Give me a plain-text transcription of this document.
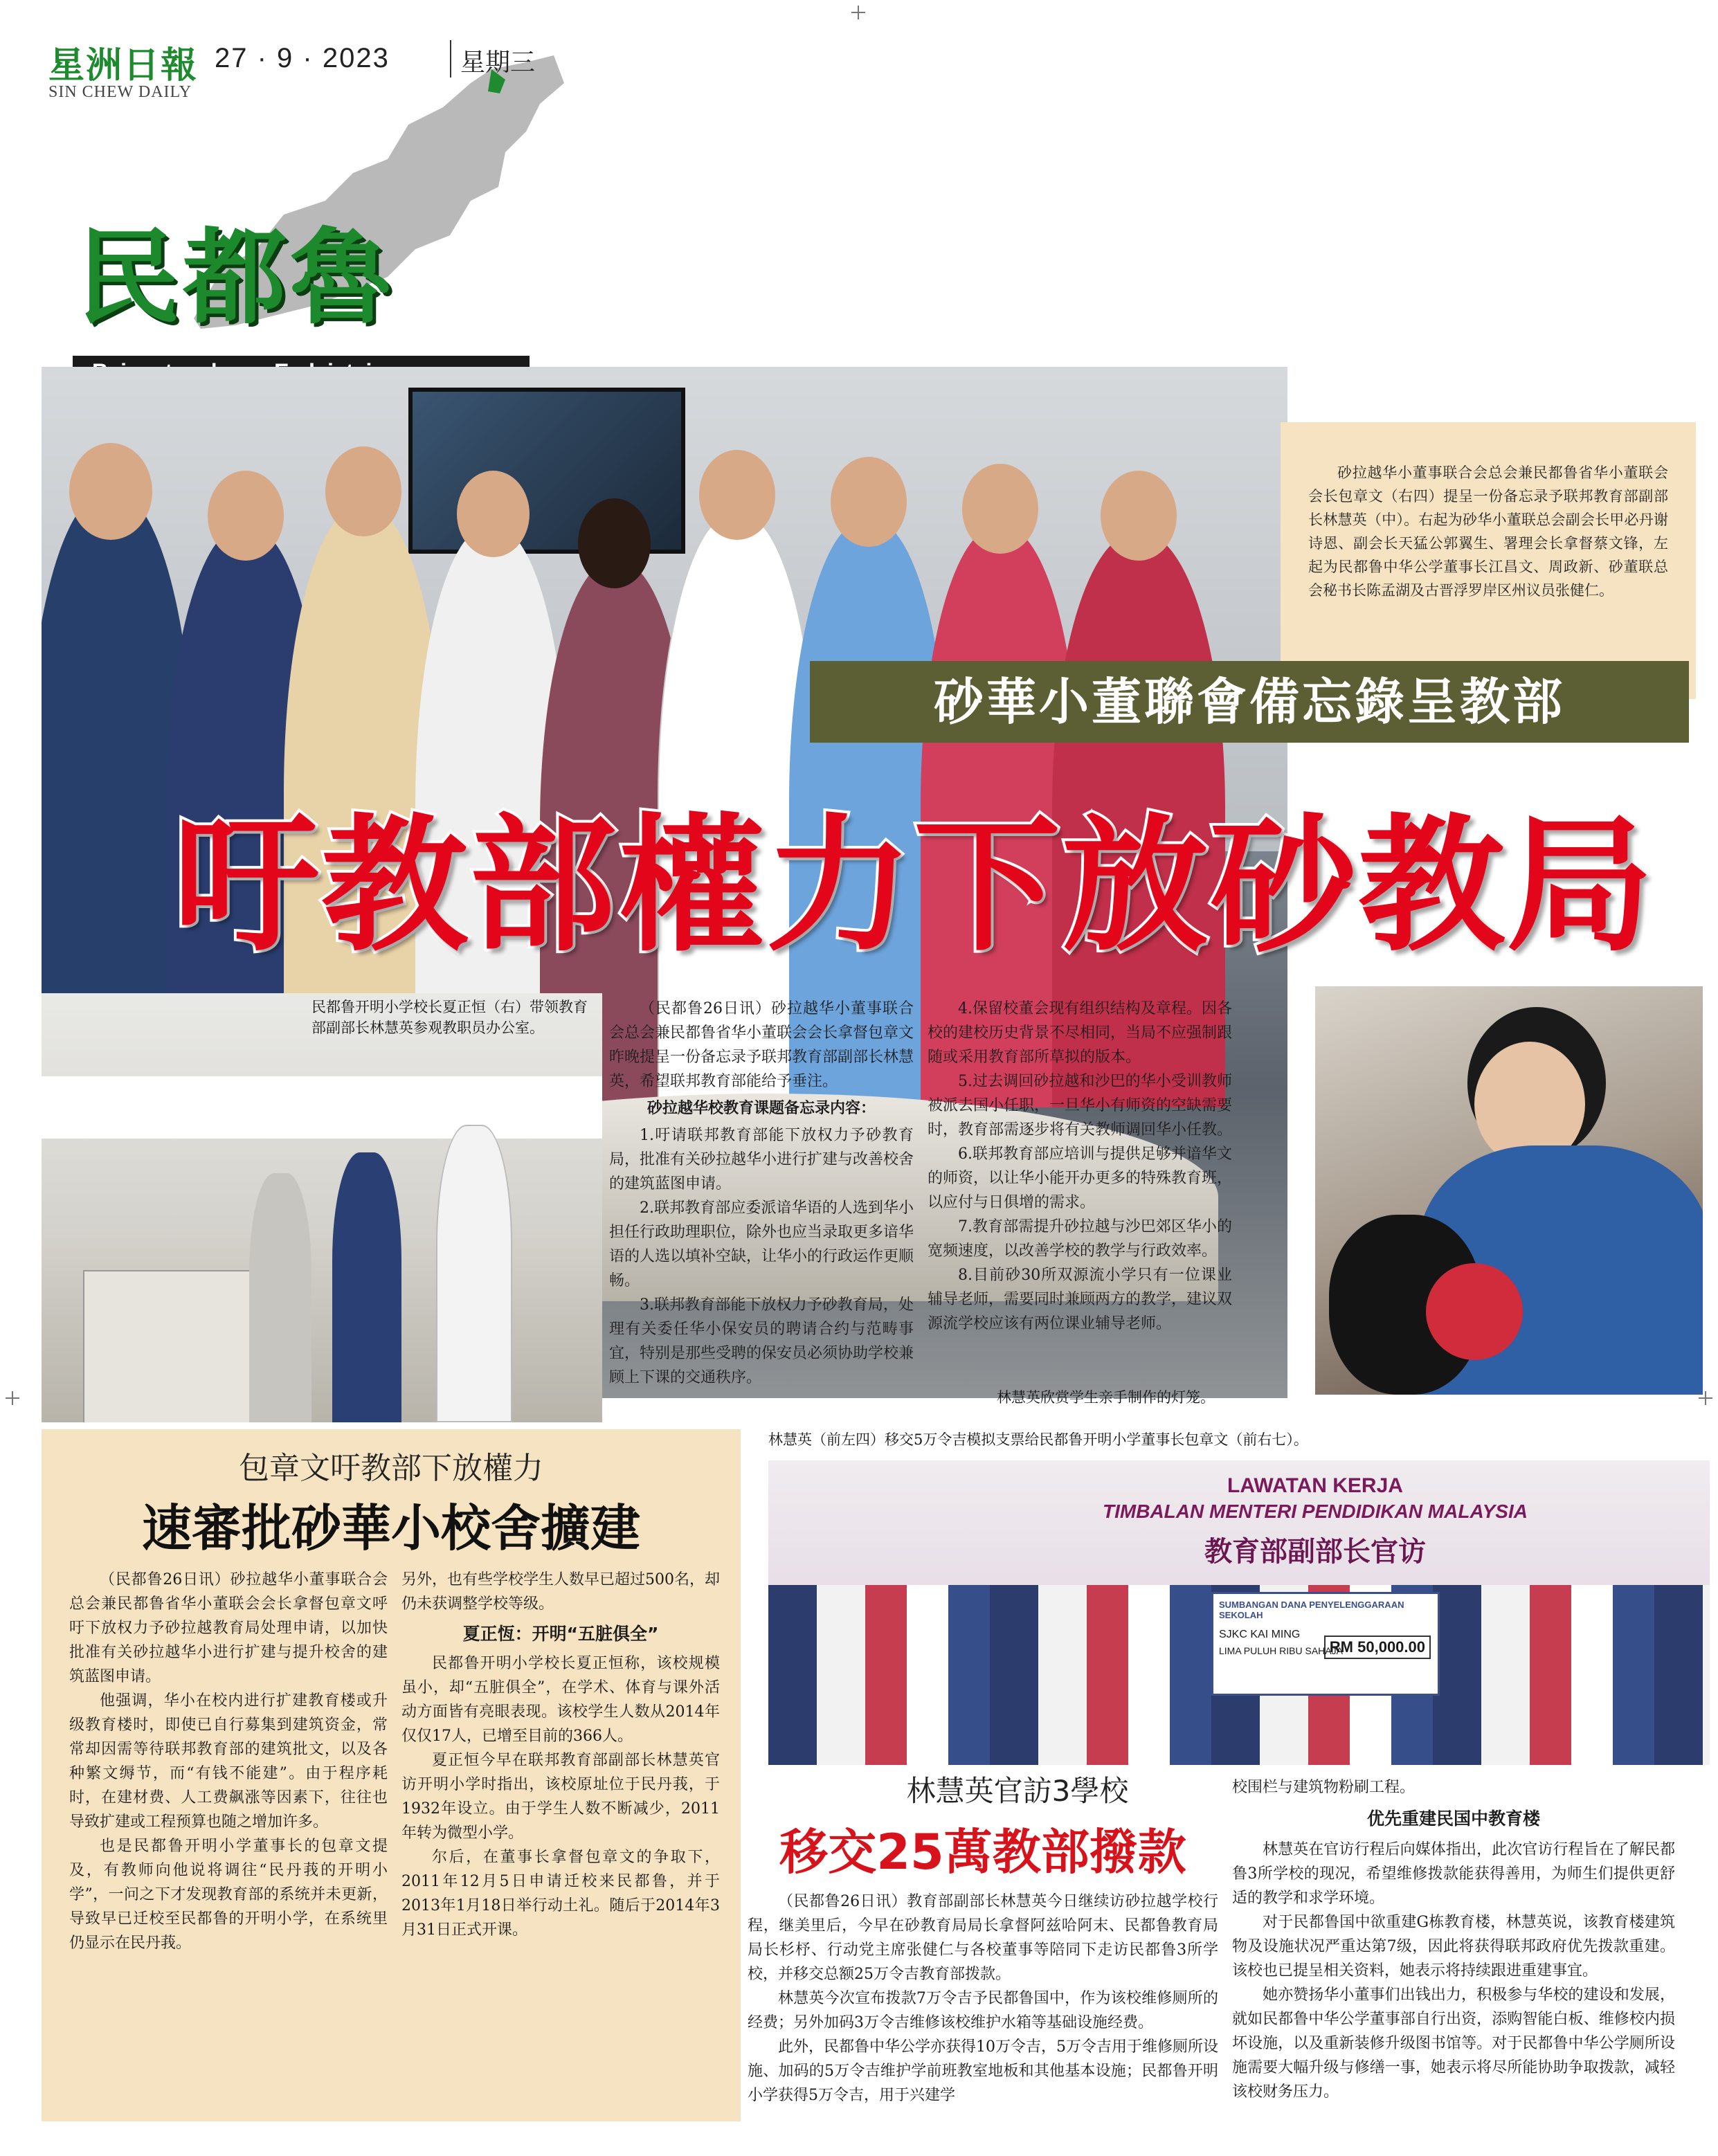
星洲日報
SIN CHEW DAILY
27 · 9 · 2023	星期三
民都魯

砂拉越华小董事联合会总会兼民都鲁省华小董联会会长包章文（右四）提呈一份备忘录予联邦教育部副部长林慧英（中）。右起为砂华小董联总会副会长甲必丹谢诗恩、副会长天猛公郭翼生、署理会长拿督蔡文锋，左起为民都鲁中华公学董事长江昌文、周政新、砂董联总会秘书长陈孟湖及古晋浮罗岸区州议员张健仁。

砂華小董聯會備忘錄呈教部
吁教部權力下放砂教局
民都鲁开明小学校长夏正恒（右）带领教育部副部长林慧英参观教职员办公室。

（民都鲁26日讯）砂拉越华小董事联合会总会兼民都鲁省华小董联会会长拿督包章文昨晚提呈一份备忘录予联邦教育部副部长林慧英，希望联邦教育部能给予垂注。

砂拉越华校教育课题备忘录内容：

1.吁请联邦教育部能下放权力予砂教育局，批准有关砂拉越华小进行扩建与改善校舍的建筑蓝图申请。

2.联邦教育部应委派谙华语的人选到华小担任行政助理职位，除外也应当录取更多谙华语的人选以填补空缺，让华小的行政运作更顺畅。

3.联邦教育部能下放权力予砂教育局，处理有关委任华小保安员的聘请合约与范畴事宜，特别是那些受聘的保安员必须协助学校兼顾上下课的交通秩序。

4.保留校董会现有组织结构及章程。因各校的建校历史背景不尽相同，当局不应强制跟随或采用教育部所草拟的版本。

5.过去调回砂拉越和沙巴的华小受训教师被派去国小任职，一旦华小有师资的空缺需要时，教育部需逐步将有关教师调回华小任教。

6.联邦教育部应培训与提供足够并谙华文的师资，以让华小能开办更多的特殊教育班，以应付与日俱增的需求。

7.教育部需提升砂拉越与沙巴郊区华小的宽频速度，以改善学校的教学与行政效率。

8.目前砂30所双源流小学只有一位课业辅导老师，需要同时兼顾两方的教学，建议双源流学校应该有两位课业辅导老师。

林慧英欣赏学生亲手制作的灯笼。
包章文吁教部下放權力
速審批砂華小校舍擴建

（民都鲁26日讯）砂拉越华小董事联合会总会兼民都鲁省华小董联会会长拿督包章文呼吁下放权力予砂拉越教育局处理申请，以加快批准有关砂拉越华小进行扩建与提升校舍的建筑蓝图申请。

他强调，华小在校内进行扩建教育楼或升级教育楼时，即使已自行募集到建筑资金，常常却因需等待联邦教育部的建筑批文，以及各种繁文缛节，而“有钱不能建”。由于程序耗时，在建材费、人工费飙涨等因素下，往往也导致扩建或工程预算也随之增加许多。

也是民都鲁开明小学董事长的包章文提及，有教师向他说将调往“民丹莪的开明小学”，一问之下才发现教育部的系统并未更新，导致早已迁校至民都鲁的开明小学，在系统里仍显示在民丹莪。

另外，也有些学校学生人数早已超过500名，却仍未获调整学校等级。

夏正恆：开明“五脏俱全”

民都鲁开明小学校长夏正恒称，该校规模虽小，却“五脏俱全”，在学术、体育与课外活动方面皆有亮眼表现。该校学生人数从2014年仅仅17人，已增至目前的366人。

夏正恒今早在联邦教育部副部长林慧英官访开明小学时指出，该校原址位于民丹莪，于1932年设立。由于学生人数不断减少，2011年转为微型小学。

尔后，在董事长拿督包章文的争取下，2011年12月5日申请迁校来民都鲁，并于2013年1月18日举行动土礼。随后于2014年3月31日正式开课。

林慧英（前左四）移交5万令吉模拟支票给民都鲁开明小学董事长包章文（前右七）。
LAWATAN KERJA
TIMBALAN MENTERI PENDIDIKAN MALAYSIA
教育部副部长官访
SUMBANGAN DANA PENYELENGGARAAN SEKOLAH
SJKC KAI MING
LIMA PULUH RIBU SAHAJA
RM 50,000.00
林慧英官訪3學校
移交25萬教部撥款

（民都鲁26日讯）教育部副部长林慧英今日继续访砂拉越学校行程，继美里后，今早在砂教育局局长拿督阿兹哈阿末、民都鲁教育局局长杉杼、行动党主席张健仁与各校董事等陪同下走访民都鲁3所学校，并移交总额25万令吉教育部拨款。

林慧英今次宣布拨款7万令吉予民都鲁国中，作为该校维修厕所的经费；另外加码3万令吉维修该校维护水箱等基础设施经费。

此外，民都鲁中华公学亦获得10万令吉，5万令吉用于维修厕所设施、加码的5万令吉维护学前班教室地板和其他基本设施；民都鲁开明小学获得5万令吉，用于兴建学

校围栏与建筑物粉刷工程。

优先重建民国中教育楼

林慧英在官访行程后向媒体指出，此次官访行程旨在了解民都鲁3所学校的现况，希望维修拨款能获得善用，为师生们提供更舒适的教学和求学环境。

对于民都鲁国中欲重建G栋教育楼，林慧英说，该教育楼建筑物及设施状况严重达第7级，因此将获得联邦政府优先拨款重建。该校也已提呈相关资料，她表示将持续跟进重建事宜。

她亦赞扬华小董事们出钱出力，积极参与华校的建设和发展，就如民都鲁中华公学董事部自行出资，添购智能白板、维修校内损坏设施，以及重新装修升级图书馆等。对于民都鲁中华公学厕所设施需要大幅升级与修缮一事，她表示将尽所能协助争取拨款，减轻该校财务压力。
